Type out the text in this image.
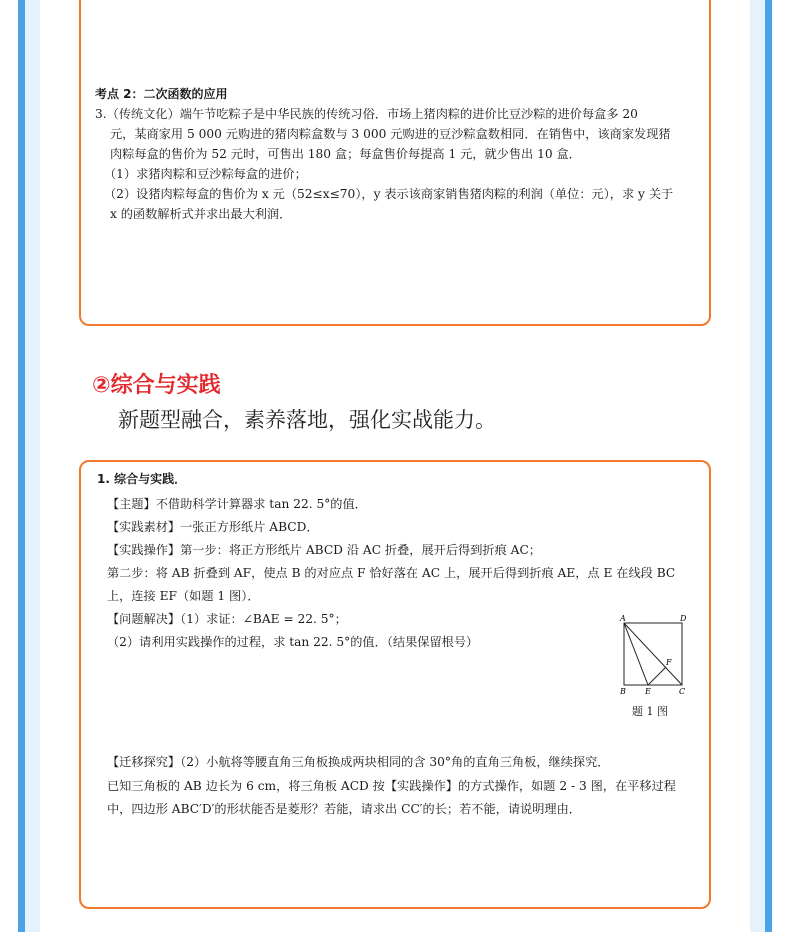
考点 2：二次函数的应用
3.（传统文化）端午节吃粽子是中华民族的传统习俗．市场上猪肉粽的进价比豆沙粽的进价每盒多 20
元，某商家用 5 000 元购进的猪肉粽盒数与 3 000 元购进的豆沙粽盒数相同．在销售中，该商家发现猪
肉粽每盒的售价为 52 元时，可售出 180 盒；每盒售价每提高 1 元，就少售出 10 盒．
（1）求猪肉粽和豆沙粽每盒的进价；
（2）设猪肉粽每盒的售价为 x 元（52≤x≤70），y 表示该商家销售猪肉粽的利润（单位：元），求 y 关于
x 的函数解析式并求出最大利润．
②综合与实践
新题型融合，素养落地，强化实战能力。
1. 综合与实践．
【主题】不借助科学计算器求 tan 22. 5°的值．
【实践素材】一张正方形纸片 ABCD．
【实践操作】第一步：将正方形纸片 ABCD 沿 AC 折叠，展开后得到折痕 AC；
第二步：将 AB 折叠到 AF，使点 B 的对应点 F 恰好落在 AC 上，展开后得到折痕 AE，点 E 在线段 BC
上，连接 EF（如题 1 图）．
【问题解决】（1）求证：∠BAE = 22. 5°；
（2）请利用实践操作的过程，求 tan 22. 5°的值．（结果保留根号）
A	D
B E	C
F
题 1 图
【迁移探究】（2）小航将等腰直角三角板换成两块相同的含 30°角的直角三角板，继续探究．
已知三角板的 AB 边长为 6 cm，将三角板 ACD 按【实践操作】的方式操作，如题 2 - 3 图，在平移过程
中，四边形 ABC′D′的形状能否是菱形？若能，请求出 CC′的长；若不能，请说明理由．
